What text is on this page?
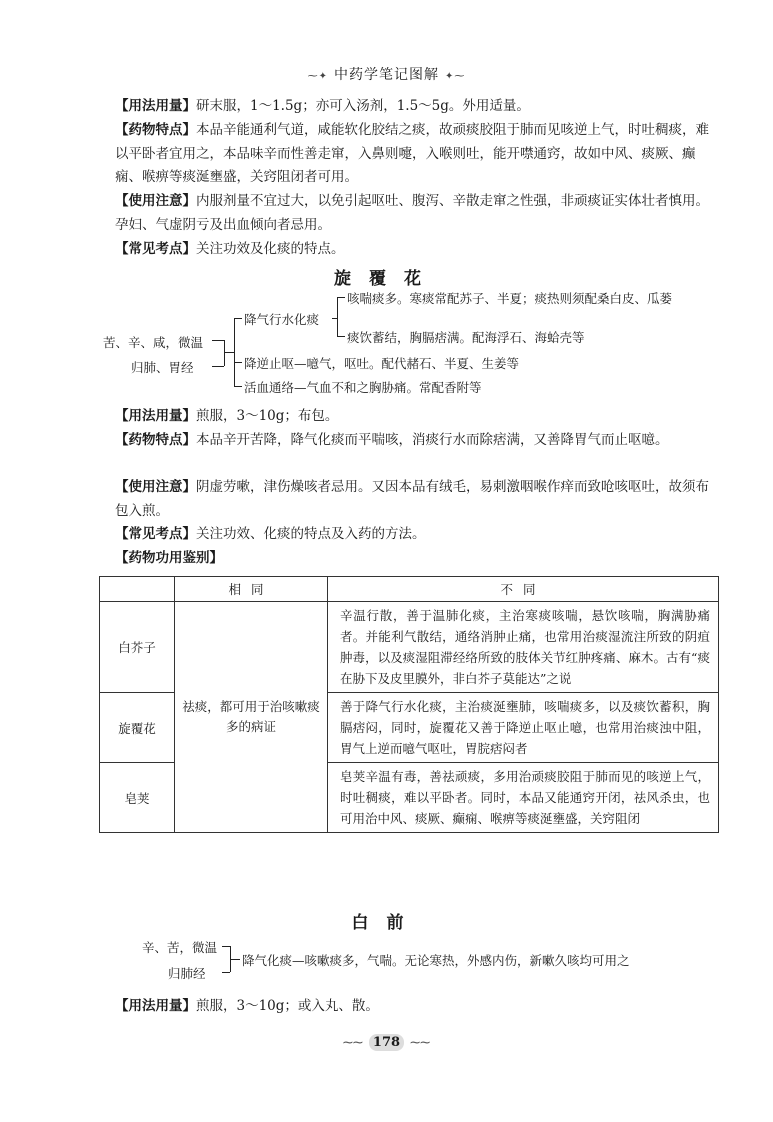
⁓✦ 中药学笔记图解 ✦⁓
【用法用量】研末服，1～1.5g；亦可入汤剂，1.5～5g。外用适量。
【药物特点】本品辛能通利气道，咸能软化胶结之痰，故顽痰胶阻于肺而见咳逆上气，时吐稠痰，难以平卧者宜用之，本品味辛而性善走窜，入鼻则嚏，入喉则吐，能开噤通窍，故如中风、痰厥、癫痫、喉痹等痰涎壅盛，关窍阻闭者可用。
【使用注意】内服剂量不宜过大，以免引起呕吐、腹泻、辛散走窜之性强，非顽痰证实体壮者慎用。孕妇、气虚阴亏及出血倾向者忌用。
【常见考点】关注功效及化痰的特点。
旋覆花
苦、辛、咸，微温
归肺、胃经
降气行水化痰
咳喘痰多。寒痰常配苏子、半夏；痰热则须配桑白皮、瓜蒌
痰饮蓄结，胸膈痞满。配海浮石、海蛤壳等
降逆止呕—噫气，呕吐。配代赭石、半夏、生姜等
活血通络—气血不和之胸胁痛。常配香附等
【用法用量】煎服，3～10g；布包。
【药物特点】本品辛开苦降，降气化痰而平喘咳，消痰行水而除痞满，又善降胃气而止呕噫。
【使用注意】阴虚劳嗽，津伤燥咳者忌用。又因本品有绒毛，易刺激咽喉作痒而致呛咳呕吐，故须布包入煎。
【常见考点】关注功效、化痰的特点及入药的方法。
【药物功用鉴别】
	相同	不同
白芥子	祛痰，都可用于治咳嗽痰多的病证	辛温行散，善于温肺化痰，主治寒痰咳喘，悬饮咳喘，胸满胁痛者。并能利气散结，通络消肿止痛，也常用治痰湿流注所致的阴疽肿毒，以及痰湿阻滞经络所致的肢体关节红肿疼痛、麻木。古有“痰在胁下及皮里膜外，非白芥子莫能达”之说
旋覆花		善于降气行水化痰，主治痰涎壅肺，咳喘痰多，以及痰饮蓄积，胸膈痞闷，同时，旋覆花又善于降逆止呕止噫，也常用治痰浊中阻，胃气上逆而噫气呕吐，胃脘痞闷者
皂荚		皂荚辛温有毒，善祛顽痰，多用治顽痰胶阻于肺而见的咳逆上气，时吐稠痰，难以平卧者。同时，本品又能通窍开闭，祛风杀虫，也可用治中风、痰厥、癫痫、喉痹等痰涎壅盛，关窍阻闭
白前
辛、苦，微温
归肺经
降气化痰—咳嗽痰多，气喘。无论寒热，外感内伤，新嗽久咳均可用之
【用法用量】煎服，3～10g；或入丸、散。
⁓⁓ 178 ⁓⁓
